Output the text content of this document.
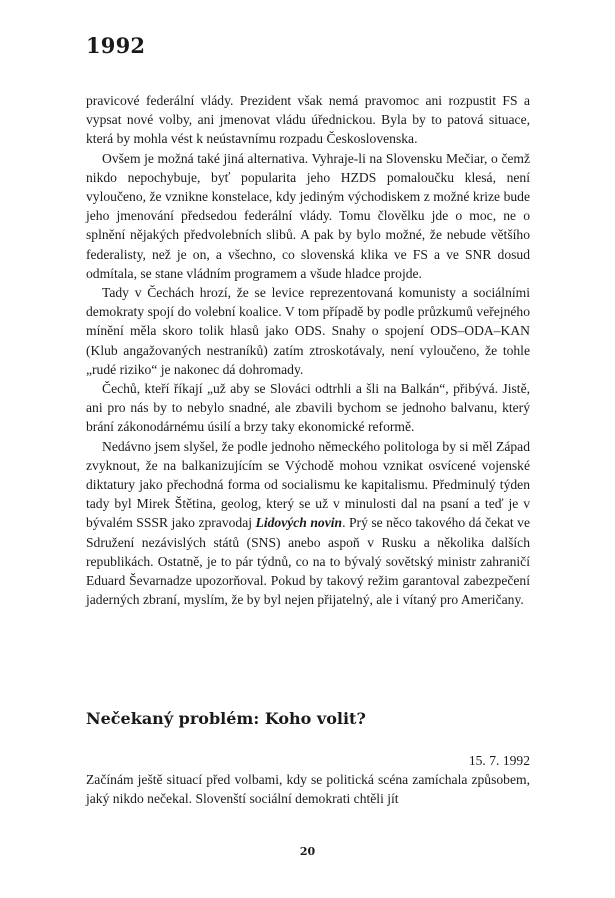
1992

pravicové federální vlády. Prezident však nemá pravomoc ani rozpustit FS a vypsat nové volby, ani jmenovat vládu úřednickou. Byla by to patová situace, která by mohla vést k neústavnímu rozpadu Československa.

Ovšem je možná také jiná alternativa. Vyhraje-li na Slovensku Mečiar, o čemž nikdo nepochybuje, byť popularita jeho HZDS pomaloučku klesá, není vyloučeno, že vznikne konstelace, kdy jediným východiskem z možné krize bude jeho jmenování předsedou federální vlády. Tomu človělku jde o moc, ne o splnění nějakých předvolebních slibů. A pak by bylo možné, že nebude většího federalisty, než je on, a všechno, co slovenská klika ve FS a ve SNR dosud odmítala, se stane vládním programem a všude hladce projde.

Tady v Čechách hrozí, že se levice reprezentovaná komunisty a sociálními demokraty spojí do volební koalice. V tom případě by podle průzkumů veřejného mínění měla skoro tolik hlasů jako ODS. Snahy o spojení ODS–ODA–KAN (Klub angažovaných nestraníků) zatím ztroskotávaly, není vyloučeno, že tohle „rudé riziko“ je nakonec dá dohromady.

Čechů, kteří říkají „už aby se Slováci odtrhli a šli na Balkán“, přibývá. Jistě, ani pro nás by to nebylo snadné, ale zbavili bychom se jednoho balvanu, který brání zákonodárnému úsilí a brzy taky ekonomické reformě.

Nedávno jsem slyšel, že podle jednoho německého politologa by si měl Západ zvyknout, že na balkanizujícím se Východě mohou vznikat osvícené vojenské diktatury jako přechodná forma od socialismu ke kapitalismu. Předminulý týden tady byl Mirek Štětina, geolog, který se už v minulosti dal na psaní a teď je v bývalém SSSR jako zpravodaj Lidových novin. Prý se něco takového dá čekat ve Sdružení nezávislých států (SNS) anebo aspoň v Rusku a několika dalších republikách. Ostatně, je to pár týdnů, co na to bývalý sovětský ministr zahraničí Eduard Ševarnadze upozorňoval. Pokud by takový režim garantoval zabezpečení jaderných zbraní, myslím, že by byl nejen přijatelný, ale i vítaný pro Američany.

Nečekaný problém: Koho volit?

15. 7. 1992

Začínám ještě situací před volbami, kdy se politická scéna zamíchala způsobem, jaký nikdo nečekal. Slovenští sociální demokrati chtěli jít

20
